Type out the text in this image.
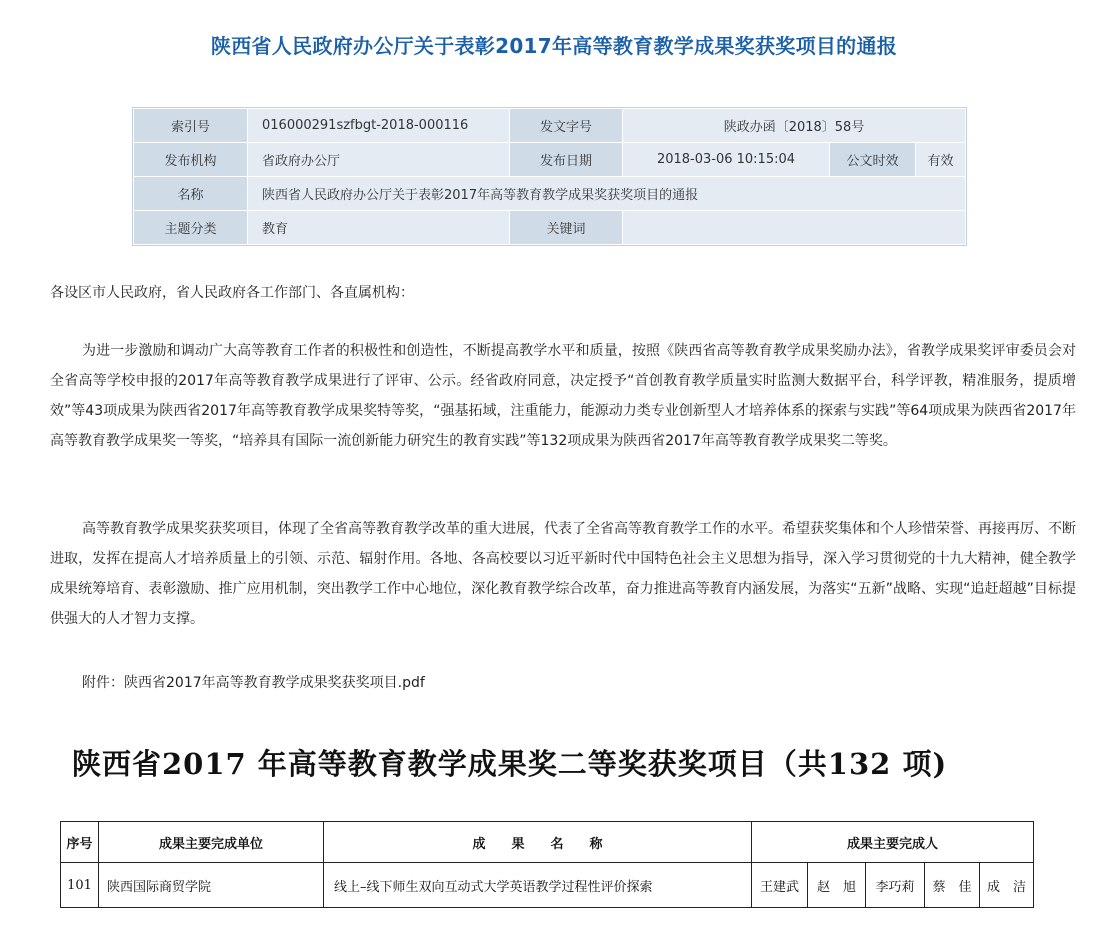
陕西省人民政府办公厅关于表彰2017年高等教育教学成果奖获奖项目的通报
索引号	016000291szfbgt-2018-000116	发文字号	陕政办函〔2018〕58号		
发布机构	省政府办公厅	发布日期	2018-03-06 10:15:04	公文时效	有效
名称	陕西省人民政府办公厅关于表彰2017年高等教育教学成果奖获奖项目的通报				
主题分类	教育	关键词			
各设区市人民政府，省人民政府各工作部门、各直属机构：
为进一步激励和调动广大高等教育工作者的积极性和创造性，不断提高教学水平和质量，按照《陕西省高等教育教学成果奖励办法》，省教学成果奖评审委员会对全省高等学校申报的2017年高等教育教学成果进行了评审、公示。经省政府同意，决定授予“首创教育教学质量实时监测大数据平台，科学评教，精准服务，提质增效”等43项成果为陕西省2017年高等教育教学成果奖特等奖，“强基拓域，注重能力，能源动力类专业创新型人才培养体系的探索与实践”等64项成果为陕西省2017年高等教育教学成果奖一等奖，“培养具有国际一流创新能力研究生的教育实践”等132项成果为陕西省2017年高等教育教学成果奖二等奖。
高等教育教学成果奖获奖项目，体现了全省高等教育教学改革的重大进展，代表了全省高等教育教学工作的水平。希望获奖集体和个人珍惜荣誉、再接再厉、不断进取，发挥在提高人才培养质量上的引领、示范、辐射作用。各地、各高校要以习近平新时代中国特色社会主义思想为指导，深入学习贯彻党的十九大精神，健全教学成果统筹培育、表彰激励、推广应用机制，突出教学工作中心地位，深化教育教学综合改革，奋力推进高等教育内涵发展，为落实“五新”战略、实现“追赶超越”目标提供强大的人才智力支撑。
附件：陕西省2017年高等教育教学成果奖获奖项目.pdf
陕西省2017 年高等教育教学成果奖二等奖获奖项目（共132 项)
序号	成果主要完成单位	成　　果　　名　　称	成果主要完成人				
101	陕西国际商贸学院	线上–线下师生双向互动式大学英语教学过程性评价探索	王建武	赵　旭	李巧莉	蔡　佳	成　洁
